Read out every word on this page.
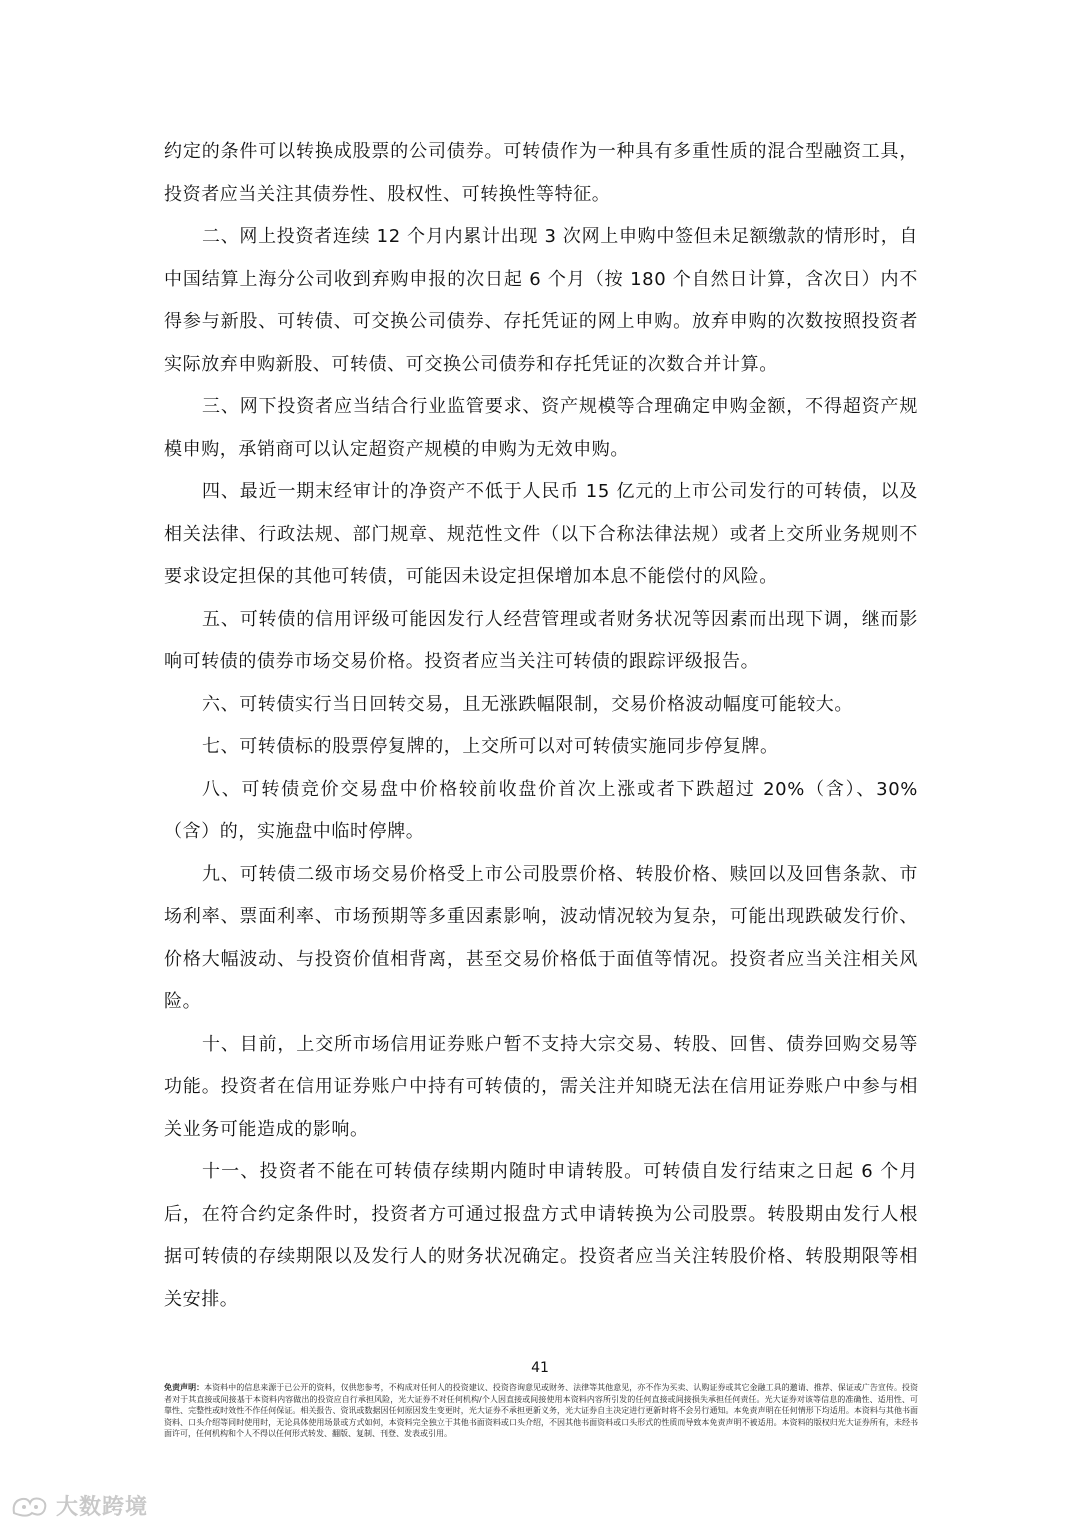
约定的条件可以转换成股票的公司债券。可转债作为一种具有多重性质的混合型融资工具，投资者应当关注其债券性、股权性、可转换性等特征。

二、网上投资者连续 12 个月内累计出现 3 次网上申购中签但未足额缴款的情形时，自中国结算上海分公司收到弃购申报的次日起 6 个月（按 180 个自然日计算，含次日）内不得参与新股、可转债、可交换公司债券、存托凭证的网上申购。放弃申购的次数按照投资者实际放弃申购新股、可转债、可交换公司债券和存托凭证的次数合并计算。

三、网下投资者应当结合行业监管要求、资产规模等合理确定申购金额，不得超资产规模申购，承销商可以认定超资产规模的申购为无效申购。

四、最近一期末经审计的净资产不低于人民币 15 亿元的上市公司发行的可转债，以及相关法律、行政法规、部门规章、规范性文件（以下合称法律法规）或者上交所业务规则不要求设定担保的其他可转债，可能因未设定担保增加本息不能偿付的风险。

五、可转债的信用评级可能因发行人经营管理或者财务状况等因素而出现下调，继而影响可转债的债券市场交易价格。投资者应当关注可转债的跟踪评级报告。

六、可转债实行当日回转交易，且无涨跌幅限制，交易价格波动幅度可能较大。

七、可转债标的股票停复牌的，上交所可以对可转债实施同步停复牌。

八、可转债竞价交易盘中价格较前收盘价首次上涨或者下跌超过 20%（含）、30%（含）的，实施盘中临时停牌。

九、可转债二级市场交易价格受上市公司股票价格、转股价格、赎回以及回售条款、市场利率、票面利率、市场预期等多重因素影响，波动情况较为复杂，可能出现跌破发行价、价格大幅波动、与投资价值相背离，甚至交易价格低于面值等情况。投资者应当关注相关风险。

十、目前，上交所市场信用证券账户暂不支持大宗交易、转股、回售、债券回购交易等功能。投资者在信用证券账户中持有可转债的，需关注并知晓无法在信用证券账户中参与相关业务可能造成的影响。

十一、投资者不能在可转债存续期内随时申请转股。可转债自发行结束之日起 6 个月后，在符合约定条件时，投资者方可通过报盘方式申请转换为公司股票。转股期由发行人根据可转债的存续期限以及发行人的财务状况确定。投资者应当关注转股价格、转股期限等相关安排。

41
免责声明：本资料中的信息来源于已公开的资料，仅供您参考，不构成对任何人的投资建议、投资咨询意见或财务、法律等其他意见，亦不作为买卖、认购证券或其它金融工具的邀请、推荐、保证或广告宣传。投资者对于其直接或间接基于本资料内容做出的投资应自行承担风险，光大证券不对任何机构/个人因直接或间接使用本资料内容所引发的任何直接或间接损失承担任何责任。光大证券对该等信息的准确性、适用性、可靠性、完整性或时效性不作任何保证。相关报告、资讯或数据因任何原因发生变更时，光大证券不承担更新义务，光大证券自主决定进行更新时将不会另行通知。本免责声明在任何情形下均适用。本资料与其他书面资料、口头介绍等同时使用时，无论具体使用场景或方式如何，本资料完全独立于其他书面资料或口头介绍，不因其他书面资料或口头形式的性质而导致本免责声明不被适用。本资料的版权归光大证券所有，未经书面许可，任何机构和个人不得以任何形式转发、翻版、复制、刊登、发表或引用。
大数跨境
